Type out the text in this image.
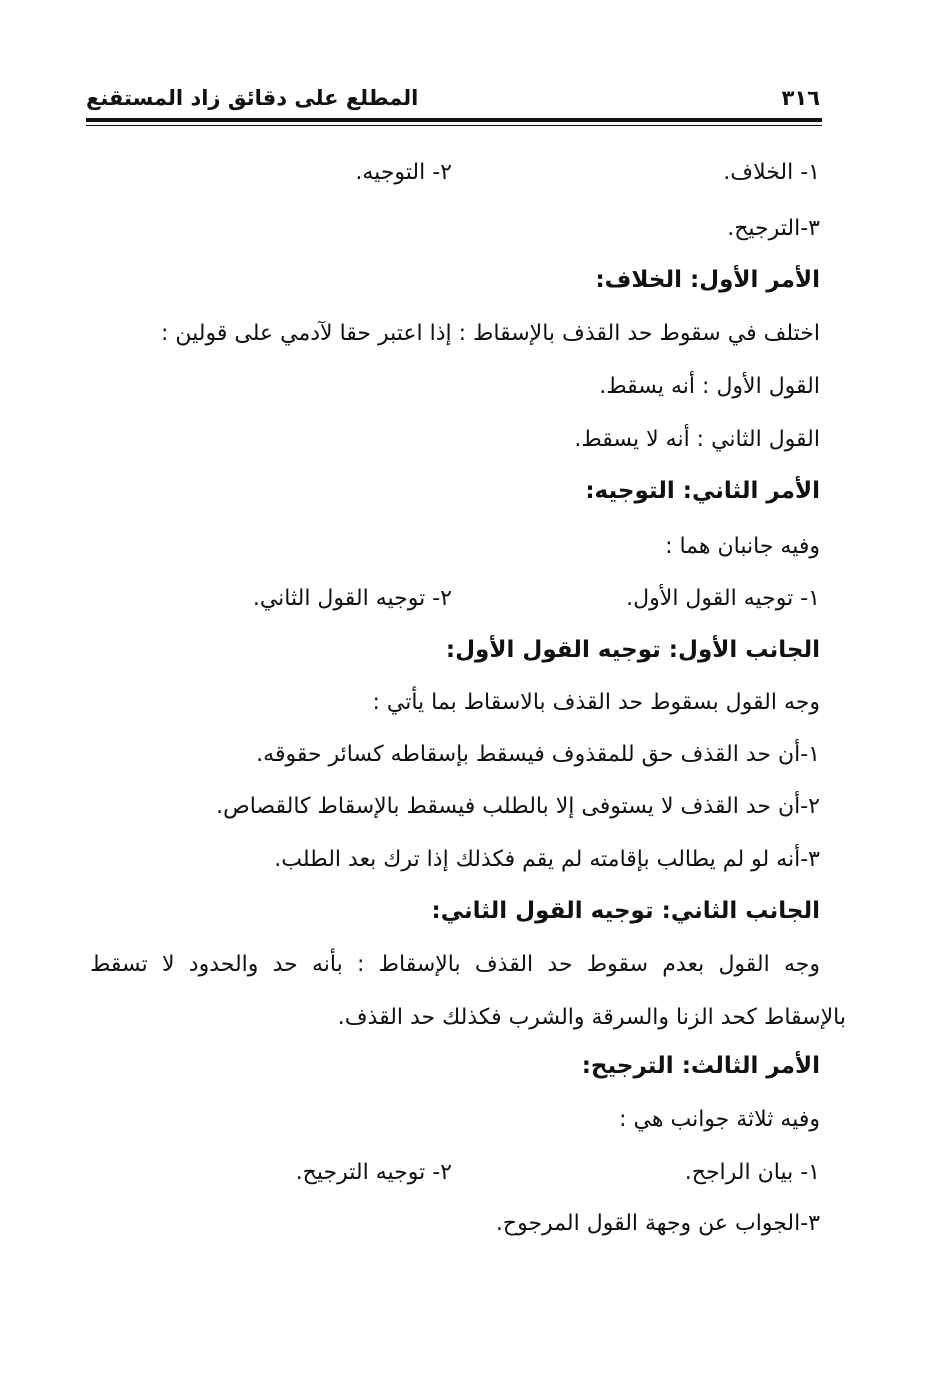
٣١٦
المطلع على دقائق زاد المستقنع
١- الخلاف.
٢- التوجيه.
٣-الترجيح.
الأمر الأول: الخلاف:
اختلف في سقوط حد القذف بالإسقاط : إذا اعتبر حقا لآدمي على قولين :
القول الأول : أنه يسقط.
القول الثاني : أنه لا يسقط.
الأمر الثاني: التوجيه:
وفيه جانبان هما :
١- توجيه القول الأول.
٢- توجيه القول الثاني.
الجانب الأول: توجيه القول الأول:
وجه القول بسقوط حد القذف بالاسقاط بما يأتي :
١-أن حد القذف حق للمقذوف فيسقط بإسقاطه كسائر حقوقه.
٢-أن حد القذف لا يستوفى إلا بالطلب فيسقط بالإسقاط كالقصاص.
٣-أنه لو لم يطالب بإقامته لم يقم فكذلك إذا ترك بعد الطلب.
الجانب الثاني: توجيه القول الثاني:
وجه القول بعدم سقوط حد القذف بالإسقاط : بأنه حد والحدود لا تسقط
بالإسقاط كحد الزنا والسرقة والشرب فكذلك حد القذف.
الأمر الثالث: الترجيح:
وفيه ثلاثة جوانب هي :
١- بيان الراجح.
٢- توجيه الترجيح.
٣-الجواب عن وجهة القول المرجوح.
